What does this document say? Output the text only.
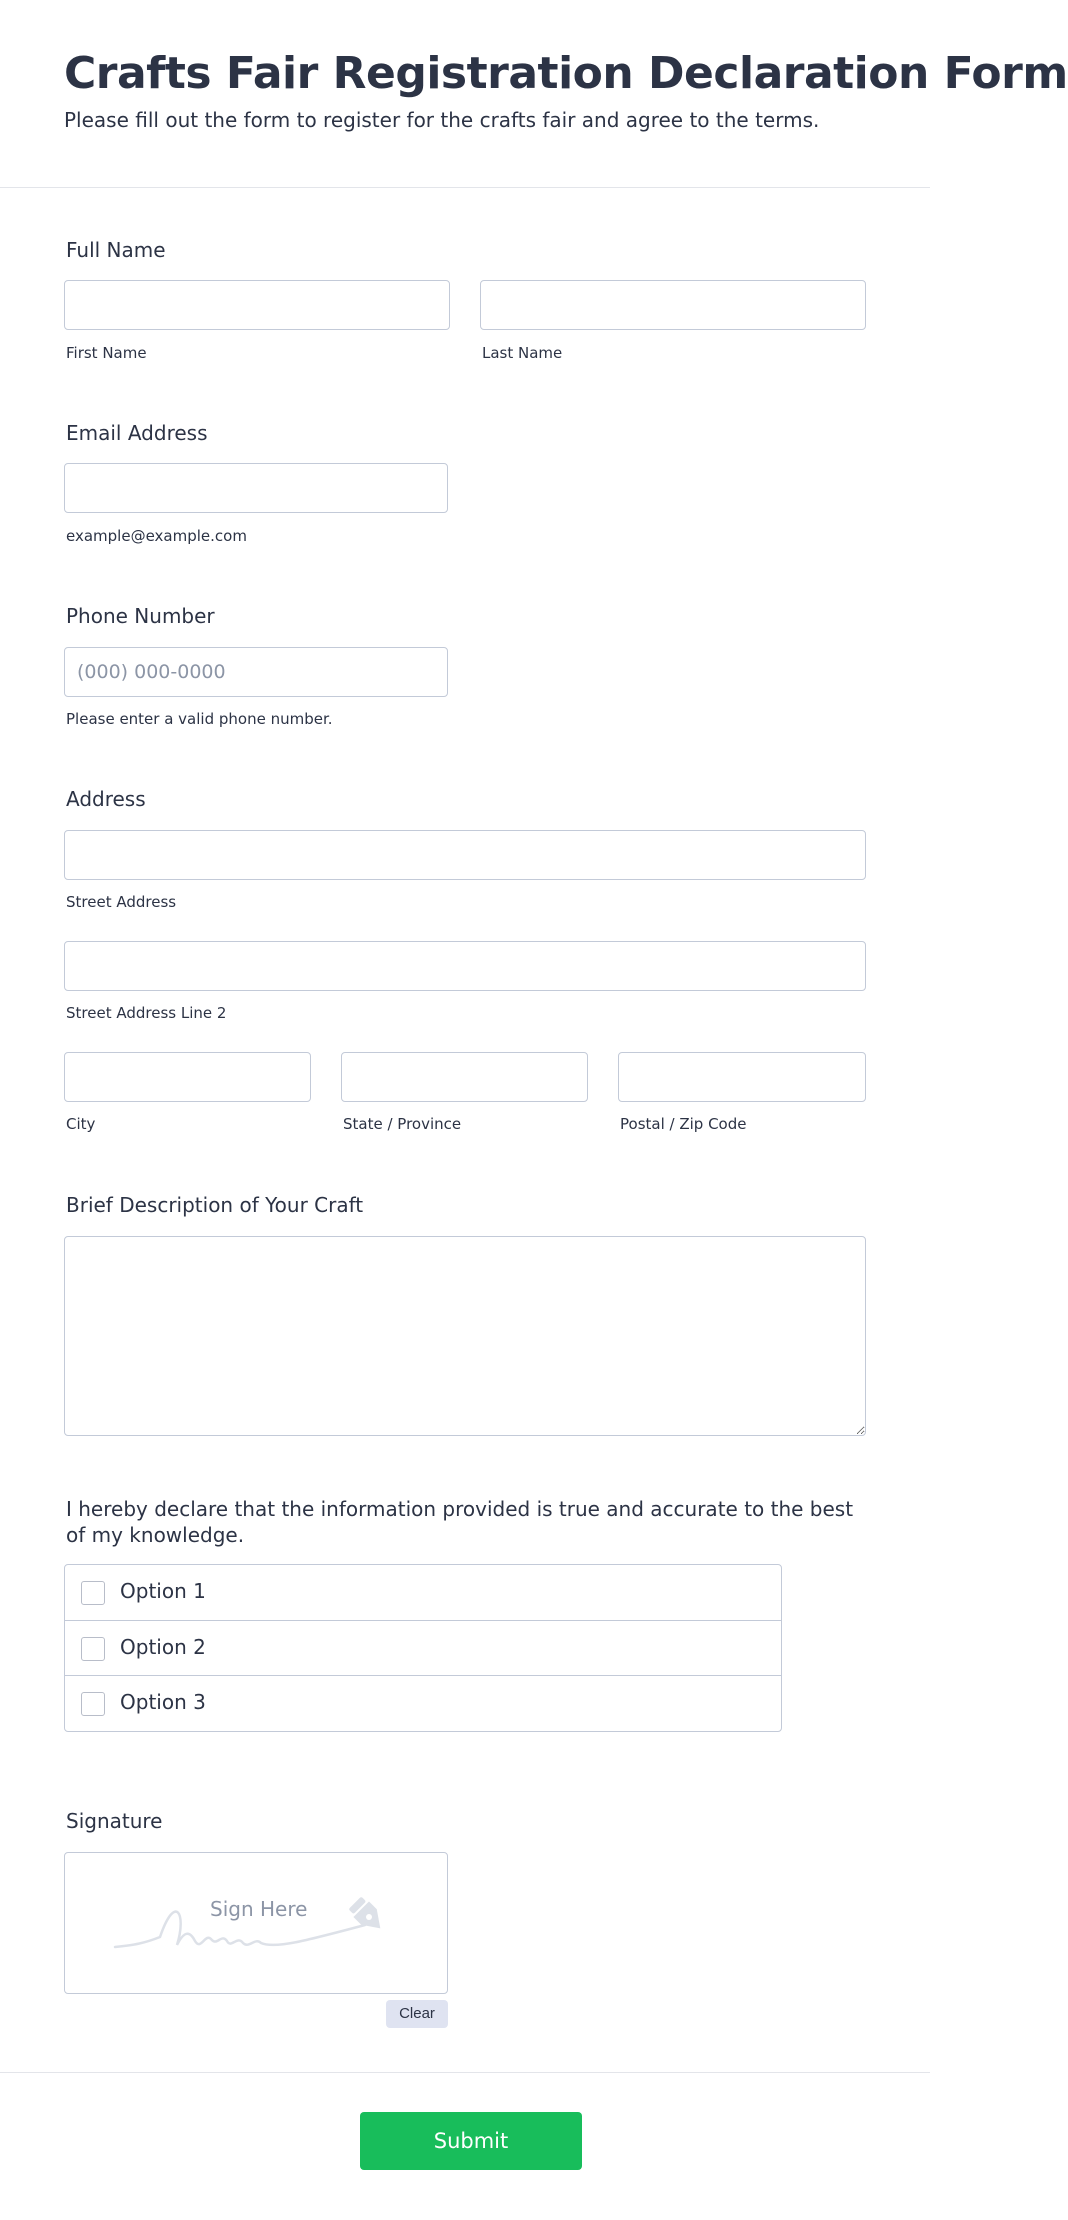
Crafts Fair Registration Declaration Form
Please fill out the form to register for the crafts fair and agree to the terms.
Full Name
First Name	Last Name
Email Address
example@example.com
Phone Number
(000) 000-0000
Please enter a valid phone number.
Address
Street Address
Street Address Line 2
City	State / Province	Postal / Zip Code
Brief Description of Your Craft
I hereby declare that the information provided is true and accurate to the best of my knowledge.
Option 1
Option 2
Option 3
Signature
Sign Here
Clear
Submit
